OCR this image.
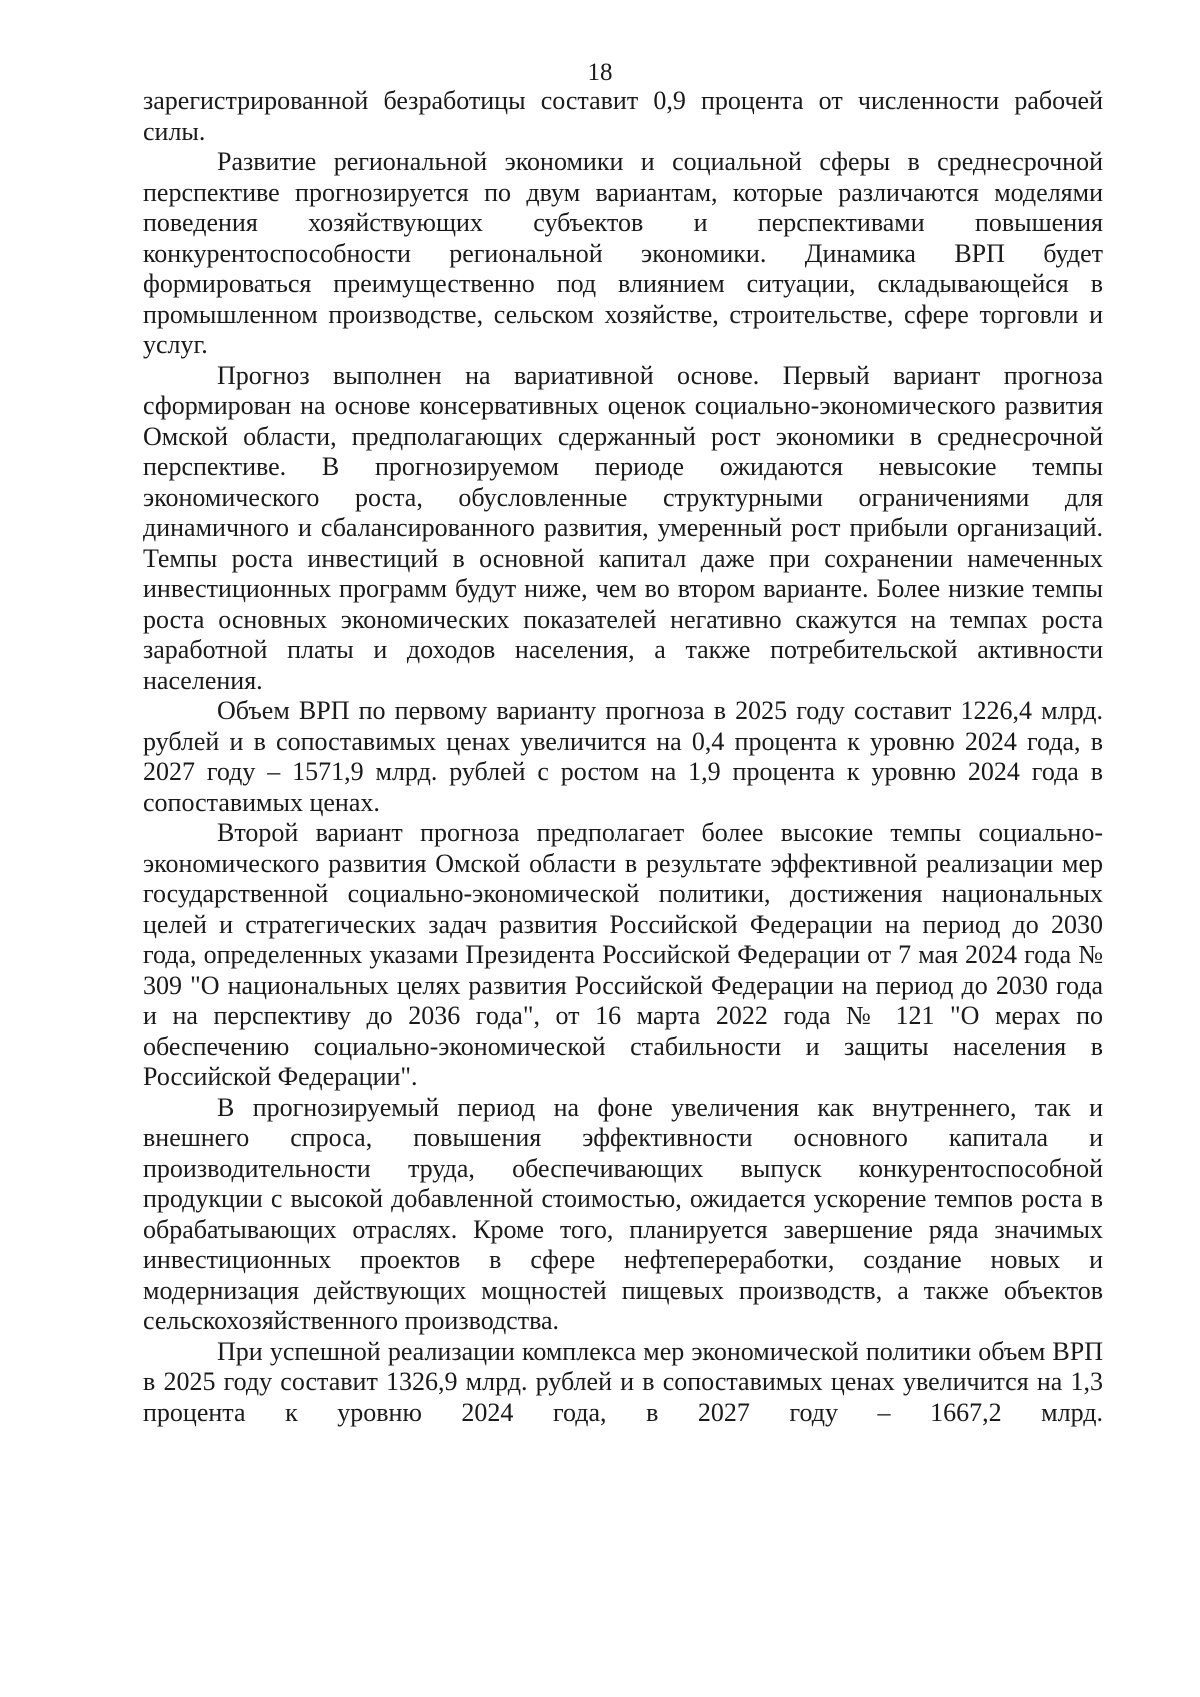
18

зарегистрированной безработицы составит 0,9 процента от численности рабочей силы.

Развитие региональной экономики и социальной сферы в среднесрочной перспективе прогнозируется по двум вариантам, которые различаются моделями поведения хозяйствующих субъектов и перспективами повышения конкурентоспособности региональной экономики. Динамика ВРП будет формироваться преимущественно под влиянием ситуации, складывающейся в промышленном производстве, сельском хозяйстве, строительстве, сфере торговли и услуг.

Прогноз выполнен на вариативной основе. Первый вариант прогноза сформирован на основе консервативных оценок социально-экономического развития Омской области, предполагающих сдержанный рост экономики в среднесрочной перспективе. В прогнозируемом периоде ожидаются невысокие темпы экономического роста, обусловленные структурными ограничениями для динамичного и сбалансированного развития, умеренный рост прибыли организаций. Темпы роста инвестиций в основной капитал даже при сохранении намеченных инвестиционных программ будут ниже, чем во втором варианте. Более низкие темпы роста основных экономических показателей негативно скажутся на темпах роста заработной платы и доходов населения, а также потребительской активности населения.

Объем ВРП по первому варианту прогноза в 2025 году составит 1226,4 млрд. рублей и в сопоставимых ценах увеличится на 0,4 процента к уровню 2024 года, в 2027 году – 1571,9 млрд. рублей с ростом на 1,9 процента к уровню 2024 года в сопоставимых ценах.

Второй вариант прогноза предполагает более высокие темпы социально-экономического развития Омской области в результате эффективной реализации мер государственной социально-экономической политики, достижения национальных целей и стратегических задач развития Российской Федерации на период до 2030 года, определенных указами Президента Российской Федерации от 7 мая 2024 года № 309 "О национальных целях развития Российской Федерации на период до 2030 года и на перспективу до 2036 года", от 16 марта 2022 года № 121 "О мерах по обеспечению социально-экономической стабильности и защиты населения в Российской Федерации".

В прогнозируемый период на фоне увеличения как внутреннего, так и внешнего спроса, повышения эффективности основного капитала и производительности труда, обеспечивающих выпуск конкурентоспособной продукции с высокой добавленной стоимостью, ожидается ускорение темпов роста в обрабатывающих отраслях. Кроме того, планируется завершение ряда значимых инвестиционных проектов в сфере нефтепереработки, создание новых и модернизация действующих мощностей пищевых производств, а также объектов сельскохозяйственного производства.

При успешной реализации комплекса мер экономической политики объем ВРП в 2025 году составит 1326,9 млрд. рублей и в сопоставимых ценах увеличится на 1,3 процента к уровню 2024 года, в 2027 году – 1667,2 млрд.
